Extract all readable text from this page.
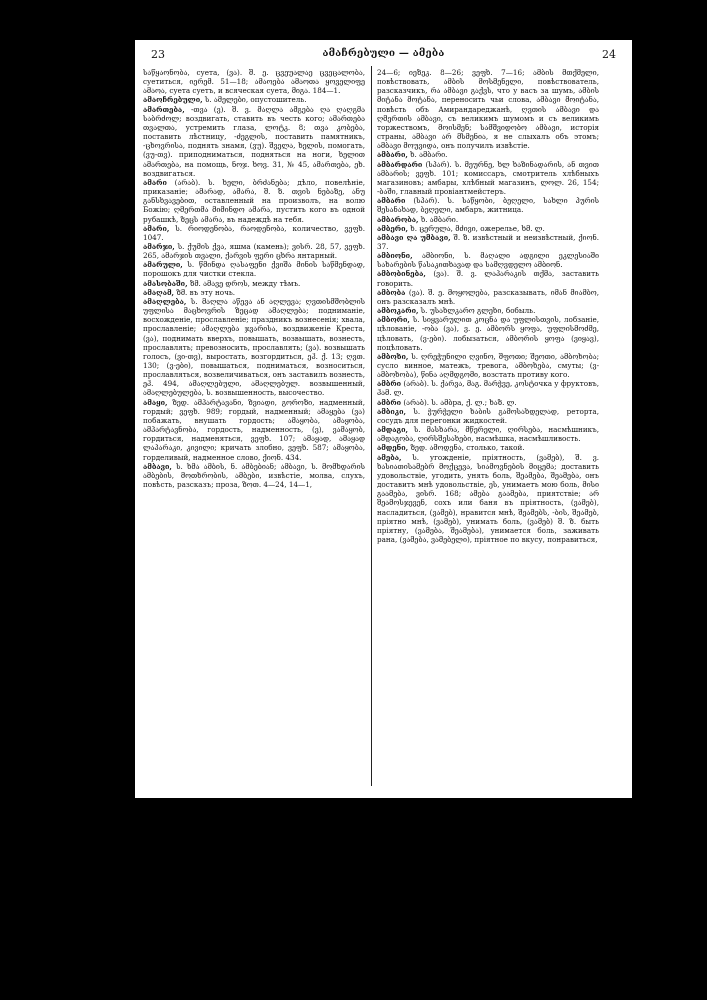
23	ამაჩრებული — ამება	24

საწყაონობა, суета, (ვა). შ. ე. ცვეუალაე ცვეცალობა, суетиться, იერემ. 51—18; ამაოება ამაოთა ყოველიფე ამაოა, суета суетъ, и всяческая суета, მიგა. 184—1.

ამაოჩრებული, ს. ამელები, опустошитель.

ამართება, -თვა (ვ). შ. ვ. მაღლა ამგება ღა ღაღგმა საბრძოლ; воздвигать, ставить въ честь кого; ამართება თვალთა, устремить глаза, ლოტკ. 8; თვა კობება, поставить лѣстницу, -ძეგლის, поставить памятникъ, -ცხოვრისა, поднять знамя, (ვუ). შველა, ხელის, помогать, (ვუ-თვ). приподниматься, подняться на ноги, ხელით ამართება, на помощь, ნოჯ. ხოვ. 31, № 45, ამართება, ეხ. воздвигаться.

ამარი (არაბ). ს. ხელი, ბრძანება; дѣло, повелѣніе, приказаніе; ამარად, ამარა, შ. ზ. თვის ნებაზე, ანუ განსხვავებით, оставленный на произволъ, на волю Божію; ღმერთმა მიმინდო ამარა, пустить кого въ одной рубашкѣ, ზეცს ამარა, въ надеждѣ на тебя.

ამარი, ს. რიოდენობა, რაოდენობა, количество, ვეფხ. 1047.

ამარჯი, ს. ქუმის ქვა, яшма (камень); ვისრ. 28, 57, ვეფხ. 265, ამარჯის თვალი, ქარვის ფერი ცხრა янтарный.

ამარული, ს. წმინდა ღასაფენი ქვიშა მინის საწმენდად, порошокъ для чистки стекла.

ამასობაში, ზმ. ამავე დროს, между тѣмъ.

ამაღამ, ზმ. въ эту ночь.

ამაღლება, ს. მაღლა აწევა ან აღლევა; ღვთისმშობლის უფლისა მაცხოვრის ზეცად ამაღლება; подниманіе, восхожденіе, прославленіе; праздникъ вознесенія; хвала, прославленіе; ამაღლება ჯვარისა, воздвиженіе Креста, (ვა), поднимать вверхъ, повышать, возвышать, вознесть, прославлять; превозносить, прославлять; (ვა). возвышать голосъ, (ვი-თვ), выростать, возгордиться, ეჰ. ქ. 13; ღვთ. 130; (ვ-ები), повышаться, подниматься, возноситься, прославляться, возвеличиваться, онъ заставилъ вознесть, ეჰ. 494, ამაღლებული, ამაღლებულ. возвышенный, ამაღლებულება, ს. возвышенность, высочество.

ამაყი, ზედ. ამპარტავანი, ზვიადი, გოროზი, надменный, гордый; ვეფხ. 989; гордый, надменный; ამაყება (ვა) побажать, внушать гордость; ამაყობა, ამაყობა, ამპარტავნობა, гордость, надменность, (ვ), ვამაყობ, гордиться, надменяться, ვეფხ. 107; ამაყად, ამაყად ლაპარაკი, კივილი; кричать злобно, ვეფხ. 587; ამაყობა, горделивый, надменное слово, ქიონ. 434.

ამბავი, ს. ხმა ამბის, ნ. ამბებიან; ამბავი, ს. მომხდარის ამბების, მოთხრობის, ამბები, извѣстіе, молва, слухъ, повѣсть, разсказъ; проза, ზოთ. 4—24, 14—1,

24—6; იეზეკ. 8—26; ვეფხ. 7—16; ამბის მთქმელი, повѣствовать, ამბის მოსმენელი, повѣствователь, разсказчикъ, რა ამბავი გაქვს, что у васъ за шумъ, ამბის მიტანა მოტანა, переносить чьи слова, ამბავი მოიტანა, повѣсть объ Амирандареджанѣ, ღვთის ამბავი და ღმერთის ამბავი, съ великимъ шумомъ и съ великимъ торжествомъ, მოისმენ; სამშვიდობო ამბავი, исторія страны, ამბავი არ მსმენია, я не слыхалъ объ этомъ; ამბავი მოუვიდა, онъ получилъ извѣстіе.

ამბარი, ხ. ამბარი.

ამბარდარი (სპარ). ს. მეურნე, ხლ ხაზინადარის, ან თვით ამბარის; ვეფხ. 101; комиссаръ, смотритель хлѣбныхъ магазиновъ; амбары, хлѣбный магазинъ, ლოლ. 26, 154; -ბაში, главный провіантмейстеръ.

ამბარი (სპარ). ს. საწყობი, ბეღელი, სახლი პურის შესანახად, ბეღელი, амбаръ, житница.

ამბარობა, ხ. ამბარი.

ამბერი, ხ. ცერულა, მძივი, ожерелье, ხმ. ლ.

ამბავი ღა უმბავი, შ. ზ. извѣстный и неизвѣстный, ქიონ. 37.

ამბიონი, ამბიონი, ს. მაღალი ადგილი ეკლესიაში სახარების წასაკითხავად და სამღვდელო ამბიონ.

ამბობინება, (ვა). შ. ვ. ლაპარაკის თქმა, заставить говорить.

ამბობა (ვა). შ. ე. მოყოლება, разсказывать, იმან მიამბო, онъ разсказалъ мнѣ.

ამბოკარი, ს. უსახლკარო გლეხი, бобыль.

ამბორი, ს. სიყვარულით კოცნა და უფლისთვის, лобзаніе, цѣлованіе, -ობა (ვა), ვ. ე. ამბორს ყოფა, უფლისმოძმე, цѣловать, (ვ-ები). лобызаться, ამბორის ყოფა (ვიყავ), поцѣловать.

ამბოხი, ს. ღრეჭუნილი ღვინო, შფოთი; შეოთი, ამბოხობა; сусло винное, матежъ, тревога, ამბოხება, смуты; (ვ-ამბოხობა), წინა აღმდგომი, возстать противу кого.

ამბრი (არაბ). ს. ქარვა, მაგ. მარჭვე, კოსტочка у фруктовъ, ჰამ. ლ.

ამბრი (არაბ). ს. ამბра, ქ. ლ.; ხაზ. ლ.

ამბიკი, ს. ჭურჭელი ხაბის გამოსახდელად, реторта, сосудъ для перегонки жидкостей.

ამდაგი, ს. მასხარა, მწერელი, ღირსება, насмѣшникъ, ამდაგობა, ღირსშესახები, насмѣшка, насмѣшливость.

ამდენი, ზედ. ამოდენა, столько, такой.

ამება, ს. угожденіе, пріятность, (ვამებ), შ. ვ. ხასიათისამებრ მოქცევა, სიამოვნების მიცემა; доставить удовольствіе, угодить, унять боль, შეამება, შეამება, онъ доставитъ мнѣ удовольствіе, ეს, унимаетъ мою боль, მისი გაამება, ვისრ. 168; ამება გაამება, приятствіе; არ შეამოსჯევენ, сохъ или баня въ пріятность, (ვამებ), насладиться, (ვამებ), нравится мнѣ, შეამებს, -ბის, შეამებ, пріятно мнѣ, (ვამებ), унимать боль, (ვამებ) შ. ზ. быть пріятну, (ვამება, შეამება), унимается боль, заживать рана, (ვამება, ვამებელი), пріятное по вкусу, понравиться,
